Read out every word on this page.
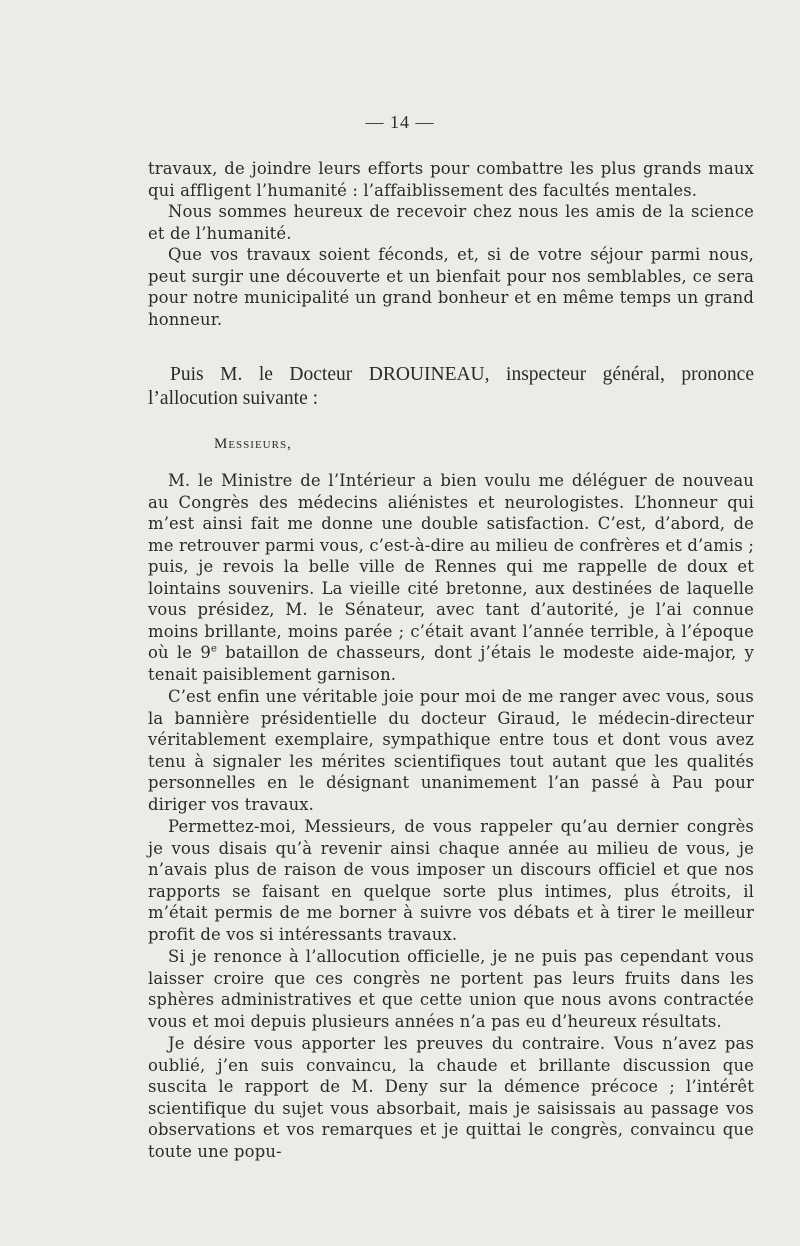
— 14 —

travaux, de joindre leurs efforts pour combattre les plus grands maux qui affligent l’humanité : l’affaiblissement des facultés mentales.

Nous sommes heureux de recevoir chez nous les amis de la science et de l’humanité.

Que vos travaux soient féconds, et, si de votre séjour parmi nous, peut surgir une découverte et un bienfait pour nos semblables, ce sera pour notre municipalité un grand bonheur et en même temps un grand honneur.

Puis M. le Docteur DROUINEAU, inspecteur général, prononce l’allocution suivante :

Messieurs,

M. le Ministre de l’Intérieur a bien voulu me déléguer de nouveau au Congrès des médecins aliénistes et neurologistes. L’honneur qui m’est ainsi fait me donne une double satisfaction. C’est, d’abord, de me retrouver parmi vous, c’est-à-dire au milieu de confrères et d’amis ; puis, je revois la belle ville de Rennes qui me rappelle de doux et lointains souvenirs. La vieille cité bretonne, aux destinées de laquelle vous présidez, M. le Sénateur, avec tant d’autorité, je l’ai connue moins brillante, moins parée ; c’était avant l’année terrible, à l’époque où le 9e bataillon de chasseurs, dont j’étais le modeste aide-major, y tenait paisiblement garnison.

C’est enfin une véritable joie pour moi de me ranger avec vous, sous la bannière présidentielle du docteur Giraud, le médecin-directeur véritablement exemplaire, sympathique entre tous et dont vous avez tenu à signaler les mérites scientifiques tout autant que les qualités personnelles en le désignant unanimement l’an passé à Pau pour diriger vos travaux.

Permettez-moi, Messieurs, de vous rappeler qu’au dernier congrès je vous disais qu’à revenir ainsi chaque année au milieu de vous, je n’avais plus de raison de vous imposer un discours officiel et que nos rapports se faisant en quelque sorte plus intimes, plus étroits, il m’était permis de me borner à suivre vos débats et à tirer le meilleur profit de vos si intéressants travaux.

Si je renonce à l’allocution officielle, je ne puis pas cependant vous laisser croire que ces congrès ne portent pas leurs fruits dans les sphères administratives et que cette union que nous avons contractée vous et moi depuis plusieurs années n’a pas eu d’heureux résultats.

Je désire vous apporter les preuves du contraire. Vous n’avez pas oublié, j’en suis convaincu, la chaude et brillante discussion que suscita le rapport de M. Deny sur la démence précoce ; l’intérêt scientifique du sujet vous absorbait, mais je saisissais au passage vos observations et vos remarques et je quittai le congrès, convaincu que toute une popu-
